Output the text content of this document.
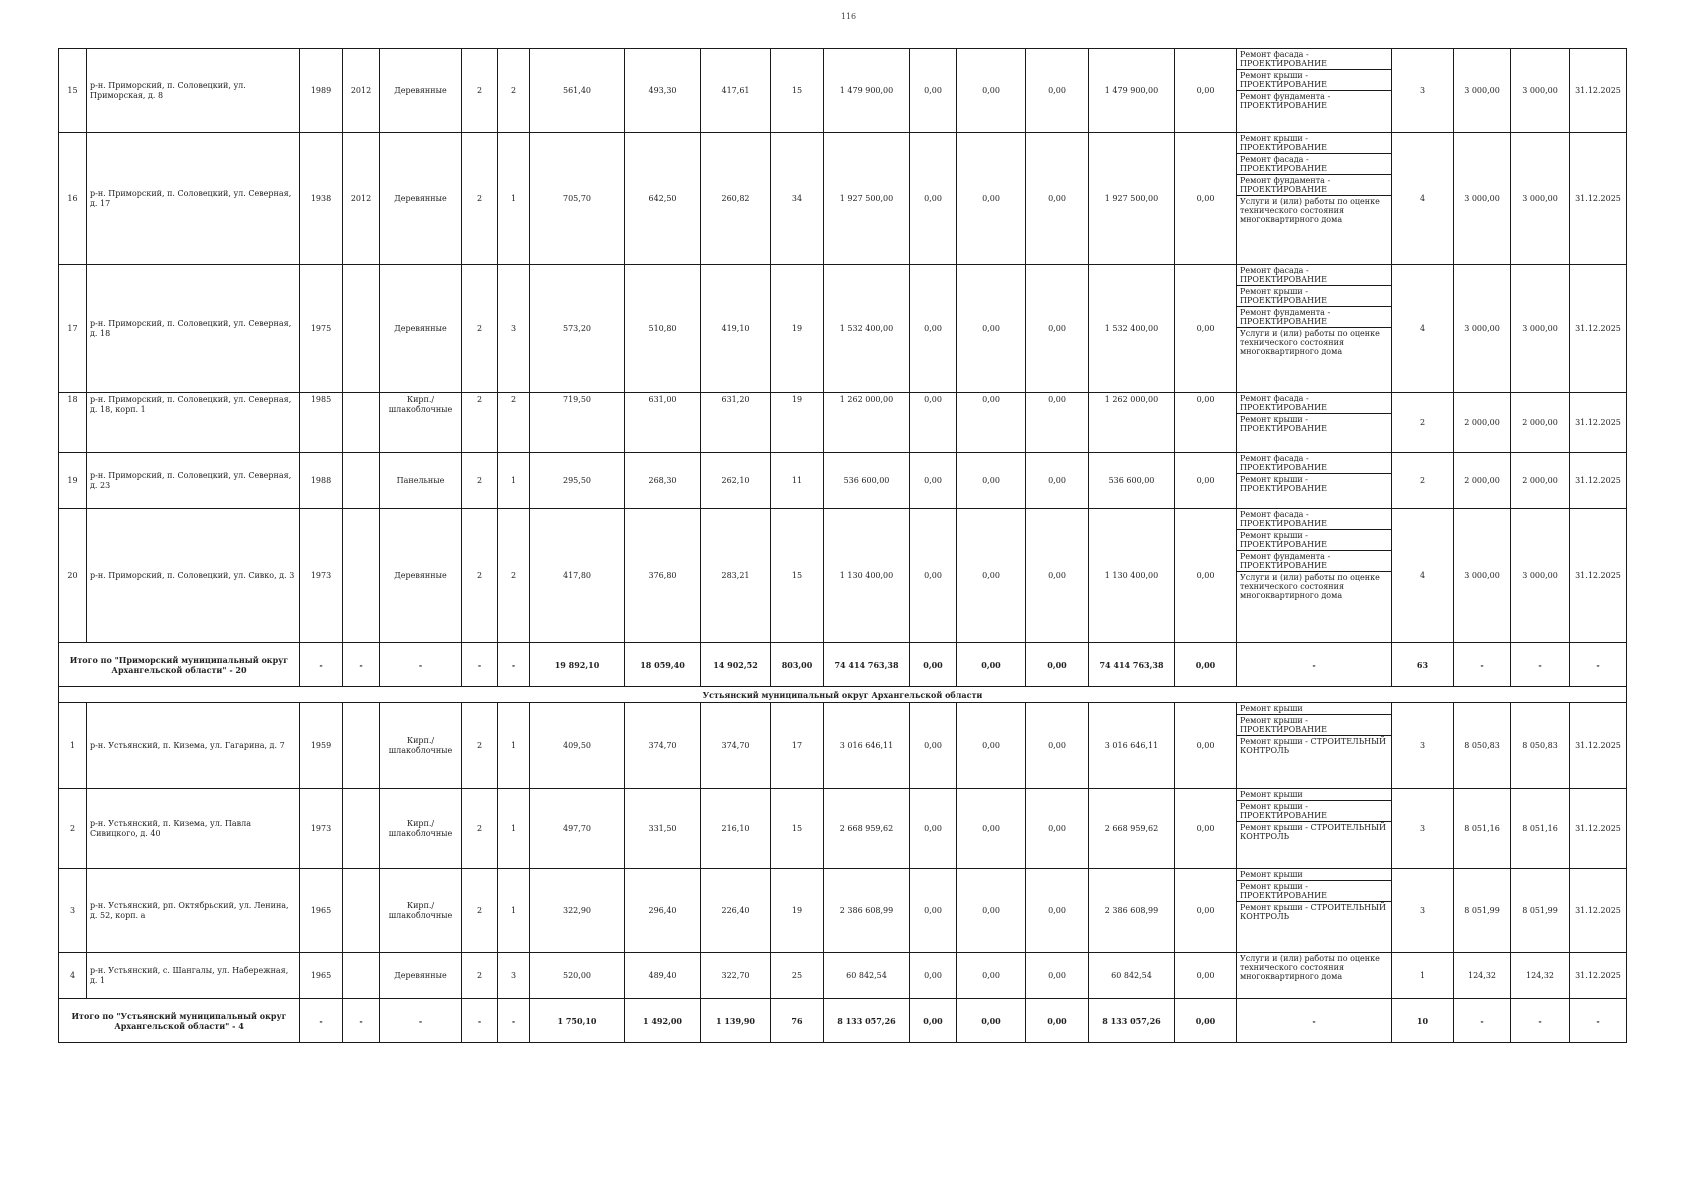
116
15	р-н. Приморский, п. Соловецкий, ул. Приморская, д. 8	1989	2012	Деревянные	2	2	561,40	493,30	417,61	15	1 479 900,00	0,00	0,00	0,00	1 479 900,00	0,00	Ремонт фасада - ПРОЕКТИРОВАНИЕ
Ремонт крыши - ПРОЕКТИРОВАНИЕ
Ремонт фундамента - ПРОЕКТИРОВАНИЕ	3	3 000,00	3 000,00	31.12.2025
16	р-н. Приморский, п. Соловецкий, ул. Северная, д. 17	1938	2012	Деревянные	2	1	705,70	642,50	260,82	34	1 927 500,00	0,00	0,00	0,00	1 927 500,00	0,00	Ремонт крыши - ПРОЕКТИРОВАНИЕ
Ремонт фасада - ПРОЕКТИРОВАНИЕ
Ремонт фундамента - ПРОЕКТИРОВАНИЕ
Услуги и (или) работы по оценке технического состояния многоквартирного дома	4	3 000,00	3 000,00	31.12.2025
17	р-н. Приморский, п. Соловецкий, ул. Северная, д. 18	1975		Деревянные	2	3	573,20	510,80	419,10	19	1 532 400,00	0,00	0,00	0,00	1 532 400,00	0,00	Ремонт фасада - ПРОЕКТИРОВАНИЕ
Ремонт крыши - ПРОЕКТИРОВАНИЕ
Ремонт фундамента - ПРОЕКТИРОВАНИЕ
Услуги и (или) работы по оценке технического состояния многоквартирного дома	4	3 000,00	3 000,00	31.12.2025
18	р-н. Приморский, п. Соловецкий, ул. Северная, д. 18, корп. 1	1985		Кирп./ шлакоблочные	2	2	719,50	631,00	631,20	19	1 262 000,00	0,00	0,00	0,00	1 262 000,00	0,00	Ремонт фасада - ПРОЕКТИРОВАНИЕ
Ремонт крыши - ПРОЕКТИРОВАНИЕ	2	2 000,00	2 000,00	31.12.2025
19	р-н. Приморский, п. Соловецкий, ул. Северная, д. 23	1988		Панельные	2	1	295,50	268,30	262,10	11	536 600,00	0,00	0,00	0,00	536 600,00	0,00	Ремонт фасада - ПРОЕКТИРОВАНИЕ
Ремонт крыши - ПРОЕКТИРОВАНИЕ	2	2 000,00	2 000,00	31.12.2025
20	р-н. Приморский, п. Соловецкий, ул. Сивко, д. 3	1973		Деревянные	2	2	417,80	376,80	283,21	15	1 130 400,00	0,00	0,00	0,00	1 130 400,00	0,00	Ремонт фасада - ПРОЕКТИРОВАНИЕ
Ремонт крыши - ПРОЕКТИРОВАНИЕ
Ремонт фундамента - ПРОЕКТИРОВАНИЕ
Услуги и (или) работы по оценке технического состояния многоквартирного дома	4	3 000,00	3 000,00	31.12.2025
Итого по "Приморский муниципальный округ Архангельской области" - 20		-	-	-	-	-	19 892,10	18 059,40	14 902,52	803,00	74 414 763,38	0,00	0,00	0,00	74 414 763,38	0,00	-	63	-	-	-
Устьянский муниципальный округ Архангельской области																					
1	р-н. Устьянский, п. Кизема, ул. Гагарина, д. 7	1959		Кирп./ шлакоблочные	2	1	409,50	374,70	374,70	17	3 016 646,11	0,00	0,00	0,00	3 016 646,11	0,00	Ремонт крыши
Ремонт крыши - ПРОЕКТИРОВАНИЕ
Ремонт крыши - СТРОИТЕЛЬНЫЙ КОНТРОЛЬ	3	8 050,83	8 050,83	31.12.2025
2	р-н. Устьянский, п. Кизема, ул. Павла Сивицкого, д. 40	1973		Кирп./ шлакоблочные	2	1	497,70	331,50	216,10	15	2 668 959,62	0,00	0,00	0,00	2 668 959,62	0,00	Ремонт крыши
Ремонт крыши - ПРОЕКТИРОВАНИЕ
Ремонт крыши - СТРОИТЕЛЬНЫЙ КОНТРОЛЬ	3	8 051,16	8 051,16	31.12.2025
3	р-н. Устьянский, рп. Октябрьский, ул. Ленина, д. 52, корп. а	1965		Кирп./ шлакоблочные	2	1	322,90	296,40	226,40	19	2 386 608,99	0,00	0,00	0,00	2 386 608,99	0,00	Ремонт крыши
Ремонт крыши - ПРОЕКТИРОВАНИЕ
Ремонт крыши - СТРОИТЕЛЬНЫЙ КОНТРОЛЬ	3	8 051,99	8 051,99	31.12.2025
4	р-н. Устьянский, с. Шангалы, ул. Набережная, д. 1	1965		Деревянные	2	3	520,00	489,40	322,70	25	60 842,54	0,00	0,00	0,00	60 842,54	0,00	Услуги и (или) работы по оценке технического состояния многоквартирного дома	1	124,32	124,32	31.12.2025
Итого по "Устьянский муниципальный округ Архангельской области" - 4		-	-	-	-	-	1 750,10	1 492,00	1 139,90	76	8 133 057,26	0,00	0,00	0,00	8 133 057,26	0,00	-	10	-	-	-
